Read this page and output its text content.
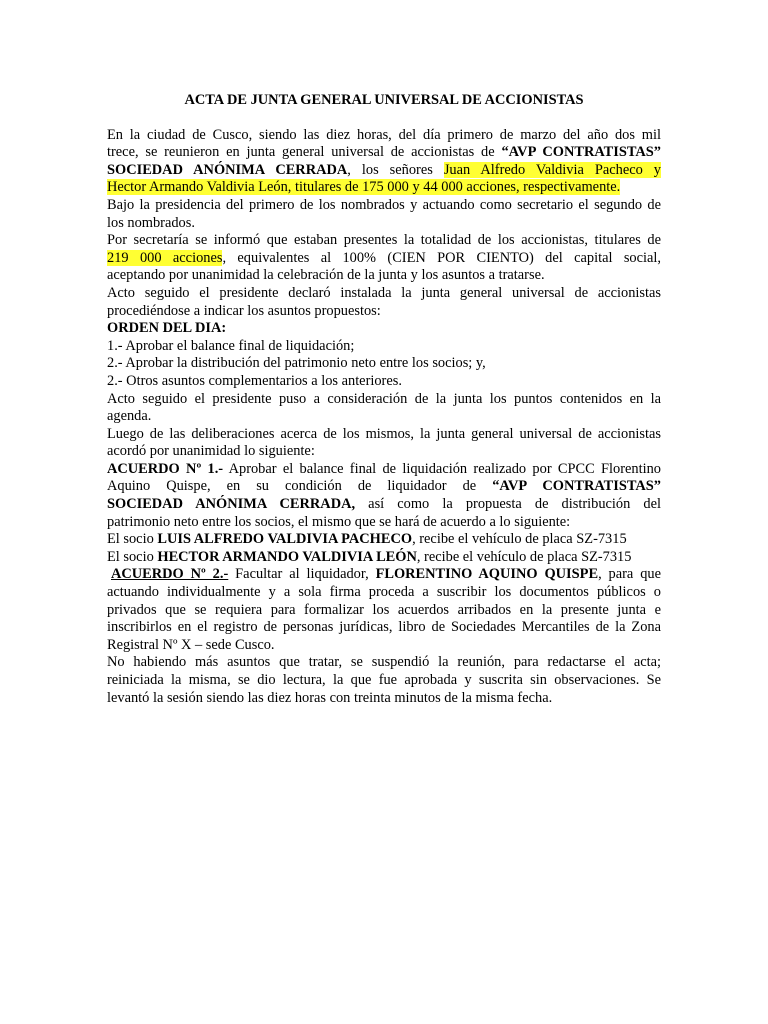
ACTA DE JUNTA GENERAL UNIVERSAL DE ACCIONISTAS

En la ciudad de Cusco, siendo las diez horas, del día primero de marzo del año dos mil
trece, se reunieron en junta general universal de accionistas de “AVP CONTRATISTAS”
SOCIEDAD ANÓNIMA CERRADA, los señores Juan Alfredo Valdivia Pacheco y
Hector Armando Valdivia León, titulares de 175 000 y 44 000 acciones, respectivamente.

Bajo la presidencia del primero de los nombrados y actuando como secretario el segundo de
los nombrados.

Por secretaría se informó que estaban presentes la totalidad de los accionistas, titulares de
219 000 acciones, equivalentes al 100% (CIEN POR CIENTO) del capital social,
aceptando por unanimidad la celebración de la junta y los asuntos a tratarse.

Acto seguido el presidente declaró instalada la junta general universal de accionistas
procediéndose a indicar los asuntos propuestos:

ORDEN DEL DIA:
1.- Aprobar el balance final de liquidación;
2.- Aprobar la distribución del patrimonio neto entre los socios; y,
2.- Otros asuntos complementarios a los anteriores.

Acto seguido el presidente puso a consideración de la junta los puntos contenidos en la
agenda.

Luego de las deliberaciones acerca de los mismos, la junta general universal de accionistas
acordó por unanimidad lo siguiente:

ACUERDO Nº 1.- Aprobar el balance final de liquidación realizado por CPCC Florentino
Aquino Quispe, en su condición de liquidador de “AVP CONTRATISTAS”
SOCIEDAD ANÓNIMA CERRADA, así como la propuesta de distribución del
patrimonio neto entre los socios, el mismo que se hará de acuerdo a lo siguiente:
El socio LUIS ALFREDO VALDIVIA PACHECO, recibe el vehículo de placa SZ-7315
El socio HECTOR ARMANDO VALDIVIA LEÓN, recibe el vehículo de placa SZ-7315

ACUERDO Nº 2.- Facultar al liquidador, FLORENTINO AQUINO QUISPE, para que
actuando individualmente y a sola firma proceda a suscribir los documentos públicos o
privados que se requiera para formalizar los acuerdos arribados en la presente junta e
inscribirlos en el registro de personas jurídicas, libro de Sociedades Mercantiles de la Zona
Registral Nº X – sede Cusco.

No habiendo más asuntos que tratar, se suspendió la reunión, para redactarse el acta;
reiniciada la misma, se dio lectura, la que fue aprobada y suscrita sin observaciones. Se
levantó la sesión siendo las diez horas con treinta minutos de la misma fecha.
